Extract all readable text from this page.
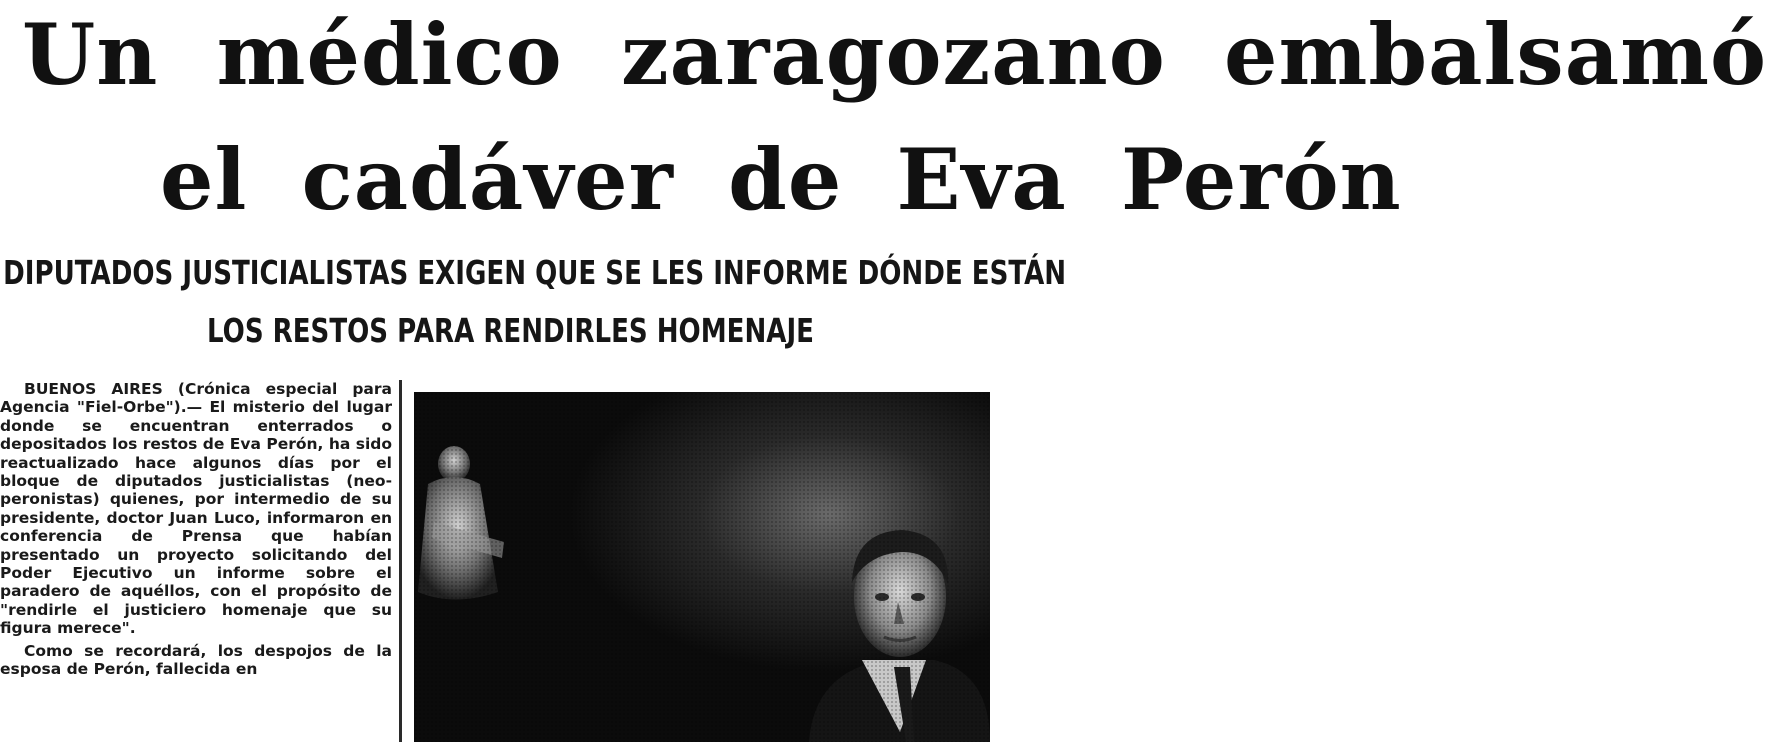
Un médico zaragozano embalsamó
el cadáver de Eva Perón
DIPUTADOS JUSTICIALISTAS EXIGEN QUE SE LES INFORME DÓNDE ESTÁN
LOS RESTOS PARA RENDIRLES HOMENAJE

BUENOS AIRES (Crónica especial para Agencia "Fiel-Orbe").— El misterio del lugar donde se encuentran enterrados o depositados los restos de Eva Perón, ha sido reactualizado hace algunos días por el bloque de diputados justicialistas (neo-peronistas) quienes, por intermedio de su presidente, doctor Juan Luco, informaron en conferencia de Prensa que habían presentado un proyecto solicitando del Poder Ejecutivo un informe sobre el paradero de aquéllos, con el propósito de "rendirle el justiciero homenaje que su figura merece".

Como se recordará, los despojos de la esposa de Perón, fallecida en
